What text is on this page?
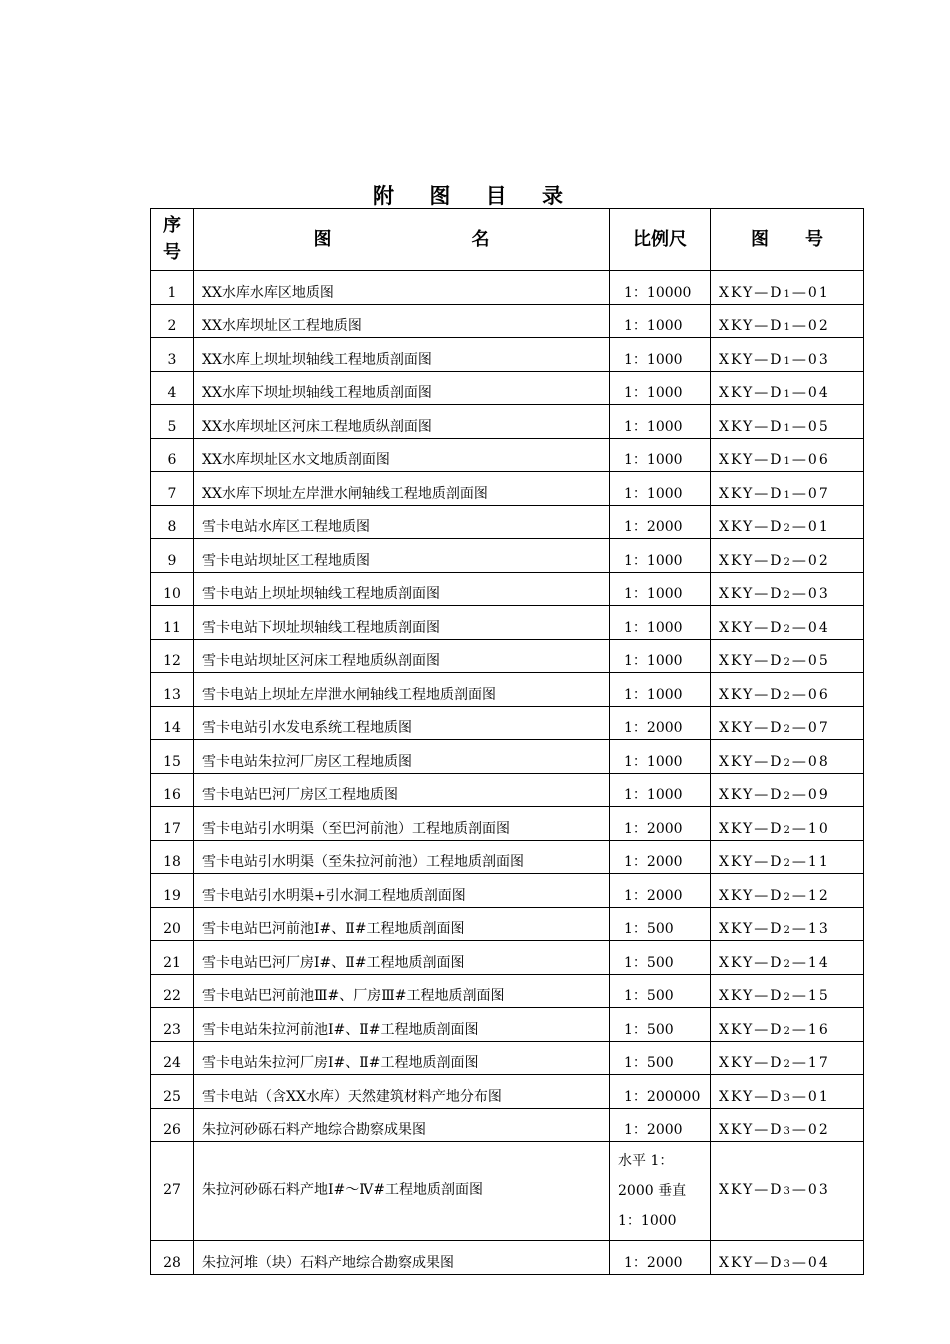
附 图 目 录
序
号	图 名	比例尺	图 号
1	XX水库水库区地质图	1：10000	XKY—D1—01
2	XX水库坝址区工程地质图	1：1000	XKY—D1—02
3	XX水库上坝址坝轴线工程地质剖面图	1：1000	XKY—D1—03
4	XX水库下坝址坝轴线工程地质剖面图	1：1000	XKY—D1—04
5	XX水库坝址区河床工程地质纵剖面图	1：1000	XKY—D1—05
6	XX水库坝址区水文地质剖面图	1：1000	XKY—D1—06
7	XX水库下坝址左岸泄水闸轴线工程地质剖面图	1：1000	XKY—D1—07
8	雪卡电站水库区工程地质图	1：2000	XKY—D2—01
9	雪卡电站坝址区工程地质图	1：1000	XKY—D2—02
10	雪卡电站上坝址坝轴线工程地质剖面图	1：1000	XKY—D2—03
11	雪卡电站下坝址坝轴线工程地质剖面图	1：1000	XKY—D2—04
12	雪卡电站坝址区河床工程地质纵剖面图	1：1000	XKY—D2—05
13	雪卡电站上坝址左岸泄水闸轴线工程地质剖面图	1：1000	XKY—D2—06
14	雪卡电站引水发电系统工程地质图	1：2000	XKY—D2—07
15	雪卡电站朱拉河厂房区工程地质图	1：1000	XKY—D2—08
16	雪卡电站巴河厂房区工程地质图	1：1000	XKY—D2—09
17	雪卡电站引水明渠（至巴河前池）工程地质剖面图	1：2000	XKY—D2—10
18	雪卡电站引水明渠（至朱拉河前池）工程地质剖面图	1：2000	XKY—D2—11
19	雪卡电站引水明渠+引水洞工程地质剖面图	1：2000	XKY—D2—12
20	雪卡电站巴河前池Ⅰ#、Ⅱ#工程地质剖面图	1：500	XKY—D2—13
21	雪卡电站巴河厂房Ⅰ#、Ⅱ#工程地质剖面图	1：500	XKY—D2—14
22	雪卡电站巴河前池Ⅲ#、厂房Ⅲ#工程地质剖面图	1：500	XKY—D2—15
23	雪卡电站朱拉河前池Ⅰ#、Ⅱ#工程地质剖面图	1：500	XKY—D2—16
24	雪卡电站朱拉河厂房Ⅰ#、Ⅱ#工程地质剖面图	1：500	XKY—D2—17
25	雪卡电站（含XX水库）天然建筑材料产地分布图	1：200000	XKY—D3—01
26	朱拉河砂砾石料产地综合勘察成果图	1：2000	XKY—D3—02
27	朱拉河砂砾石料产地Ⅰ#～Ⅳ#工程地质剖面图	水平 1：2000 垂直 1：1000	XKY—D3—03
28	朱拉河堆（块）石料产地综合勘察成果图	1：2000	XKY—D3—04
